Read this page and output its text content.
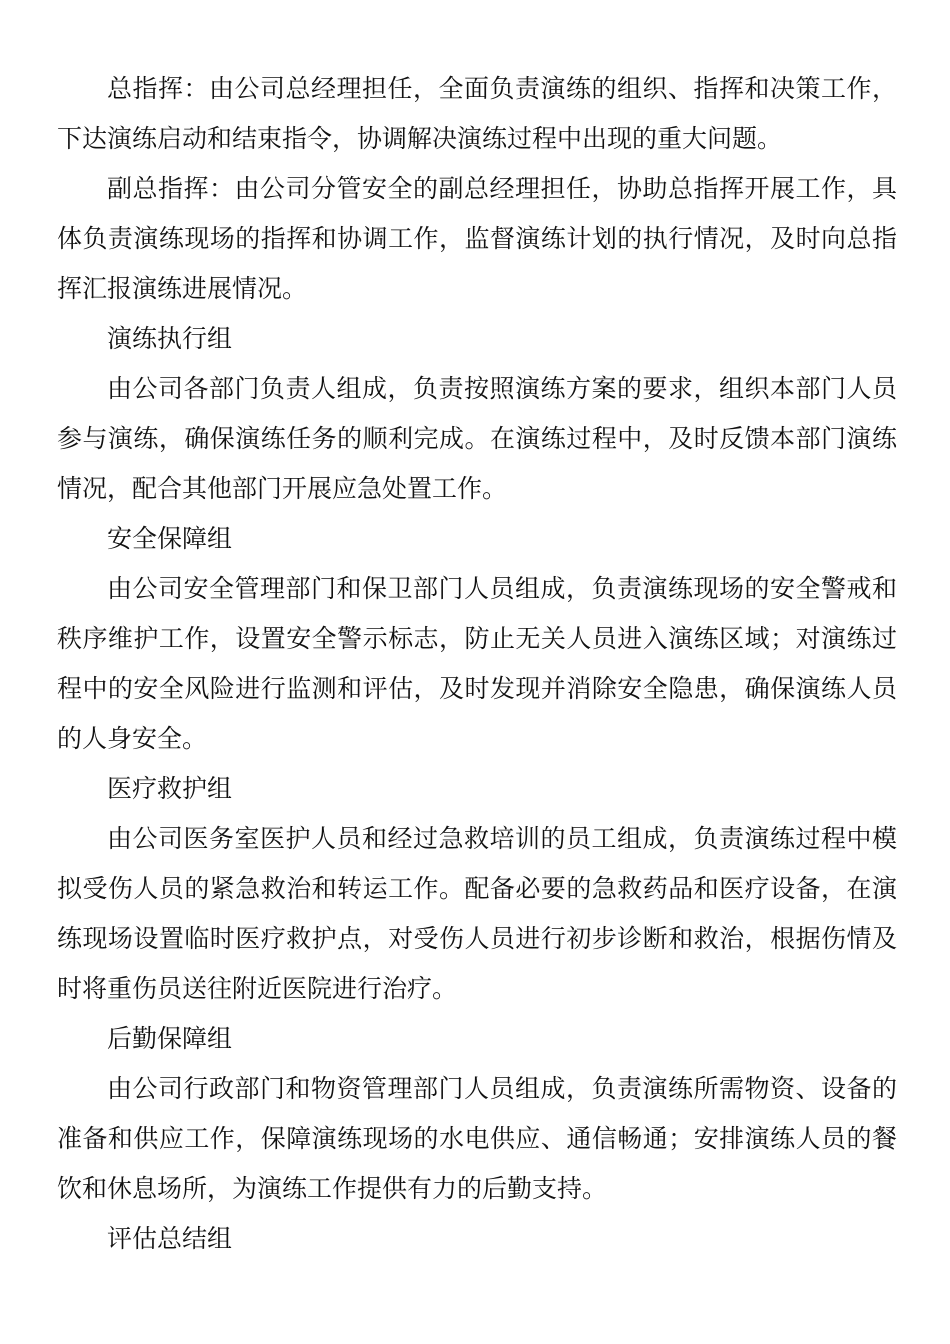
总指挥：由公司总经理担任，全面负责演练的组织、指挥和决策工作，下达演练启动和结束指令，协调解决演练过程中出现的重大问题。

副总指挥：由公司分管安全的副总经理担任，协助总指挥开展工作，具体负责演练现场的指挥和协调工作，监督演练计划的执行情况，及时向总指挥汇报演练进展情况。

演练执行组

由公司各部门负责人组成，负责按照演练方案的要求，组织本部门人员参与演练，确保演练任务的顺利完成。在演练过程中，及时反馈本部门演练情况，配合其他部门开展应急处置工作。

安全保障组

由公司安全管理部门和保卫部门人员组成，负责演练现场的安全警戒和秩序维护工作，设置安全警示标志，防止无关人员进入演练区域；对演练过程中的安全风险进行监测和评估，及时发现并消除安全隐患，确保演练人员的人身安全。

医疗救护组

由公司医务室医护人员和经过急救培训的员工组成，负责演练过程中模拟受伤人员的紧急救治和转运工作。配备必要的急救药品和医疗设备，在演练现场设置临时医疗救护点，对受伤人员进行初步诊断和救治，根据伤情及时将重伤员送往附近医院进行治疗。

后勤保障组

由公司行政部门和物资管理部门人员组成，负责演练所需物资、设备的准备和供应工作，保障演练现场的水电供应、通信畅通；安排演练人员的餐饮和休息场所，为演练工作提供有力的后勤支持。

评估总结组
